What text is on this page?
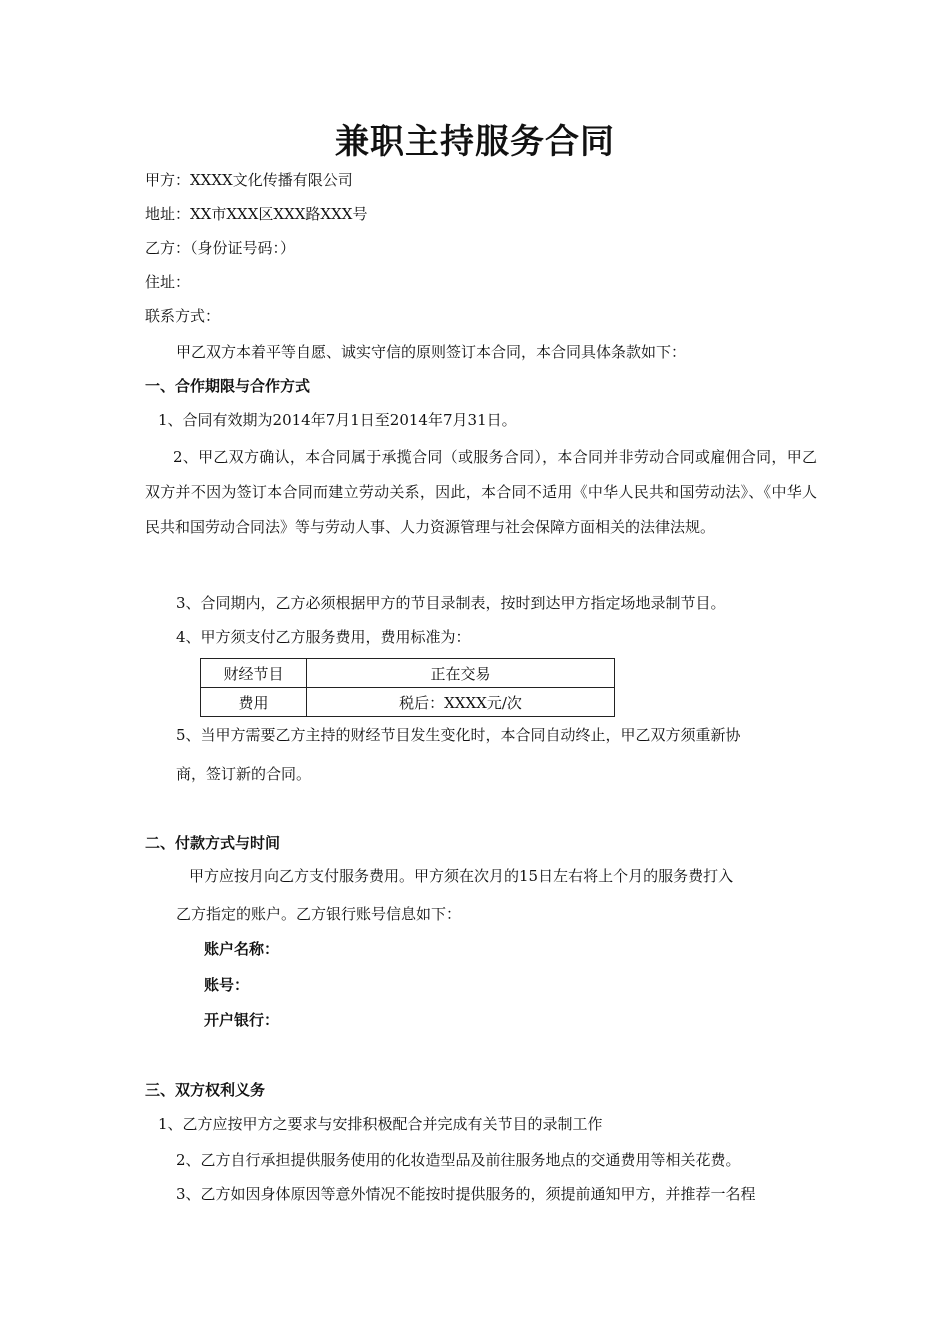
兼职主持服务合同
甲方：XXXX文化传播有限公司
地址：XX市XXX区XXX路XXX号
乙方：（身份证号码：）
住址：
联系方式：
甲乙双方本着平等自愿、诚实守信的原则签订本合同，本合同具体条款如下：
一、合作期限与合作方式
1、合同有效期为2014年7月1日至2014年7月31日。
2、甲乙双方确认，本合同属于承揽合同（或服务合同），本合同并非劳动合同或雇佣合同，甲乙双方并不因为签订本合同而建立劳动关系，因此，本合同不适用《中华人民共和国劳动法》、《中华人民共和国劳动合同法》等与劳动人事、人力资源管理与社会保障方面相关的法律法规。
3、合同期内，乙方必须根据甲方的节目录制表，按时到达甲方指定场地录制节目。
4、甲方须支付乙方服务费用，费用标准为：
财经节目	正在交易
费用	税后：XXXX元/次
5、当甲方需要乙方主持的财经节目发生变化时，本合同自动终止，甲乙双方须重新协
商，签订新的合同。
二、付款方式与时间
甲方应按月向乙方支付服务费用。甲方须在次月的15日左右将上个月的服务费打入
乙方指定的账户。乙方银行账号信息如下：
账户名称：
账号：
开户银行：
三、双方权利义务
1、乙方应按甲方之要求与安排积极配合并完成有关节目的录制工作
2、乙方自行承担提供服务使用的化妆造型品及前往服务地点的交通费用等相关花费。
3、乙方如因身体原因等意外情况不能按时提供服务的，须提前通知甲方，并推荐一名程
